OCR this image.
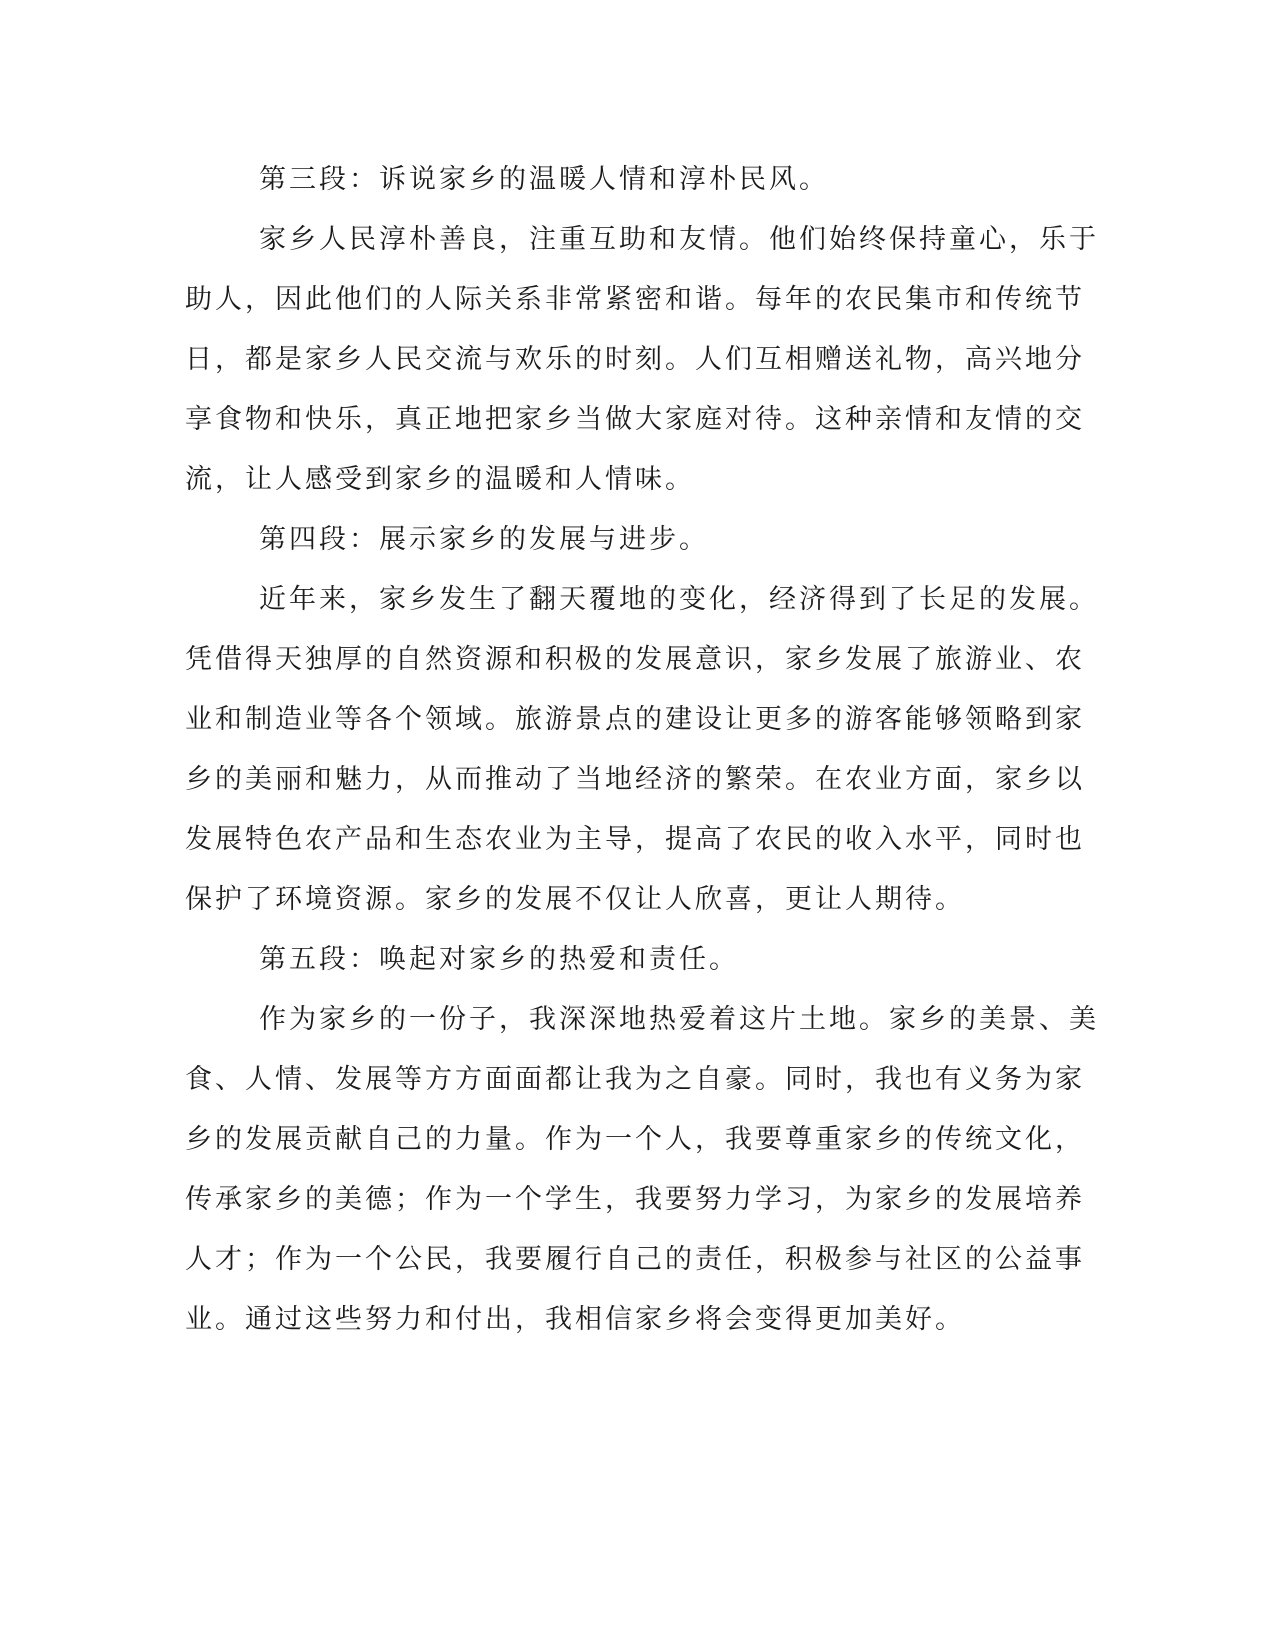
第三段：诉说家乡的温暖人情和淳朴民风。
家乡人民淳朴善良，注重互助和友情。他们始终保持童心，乐于
助人，因此他们的人际关系非常紧密和谐。每年的农民集市和传统节
日，都是家乡人民交流与欢乐的时刻。人们互相赠送礼物，高兴地分
享食物和快乐，真正地把家乡当做大家庭对待。这种亲情和友情的交
流，让人感受到家乡的温暖和人情味。
第四段：展示家乡的发展与进步。
近年来，家乡发生了翻天覆地的变化，经济得到了长足的发展。
凭借得天独厚的自然资源和积极的发展意识，家乡发展了旅游业、农
业和制造业等各个领域。旅游景点的建设让更多的游客能够领略到家
乡的美丽和魅力，从而推动了当地经济的繁荣。在农业方面，家乡以
发展特色农产品和生态农业为主导，提高了农民的收入水平，同时也
保护了环境资源。家乡的发展不仅让人欣喜，更让人期待。
第五段：唤起对家乡的热爱和责任。
作为家乡的一份子，我深深地热爱着这片土地。家乡的美景、美
食、人情、发展等方方面面都让我为之自豪。同时，我也有义务为家
乡的发展贡献自己的力量。作为一个人，我要尊重家乡的传统文化，
传承家乡的美德；作为一个学生，我要努力学习，为家乡的发展培养
人才；作为一个公民，我要履行自己的责任，积极参与社区的公益事
业。通过这些努力和付出，我相信家乡将会变得更加美好。
